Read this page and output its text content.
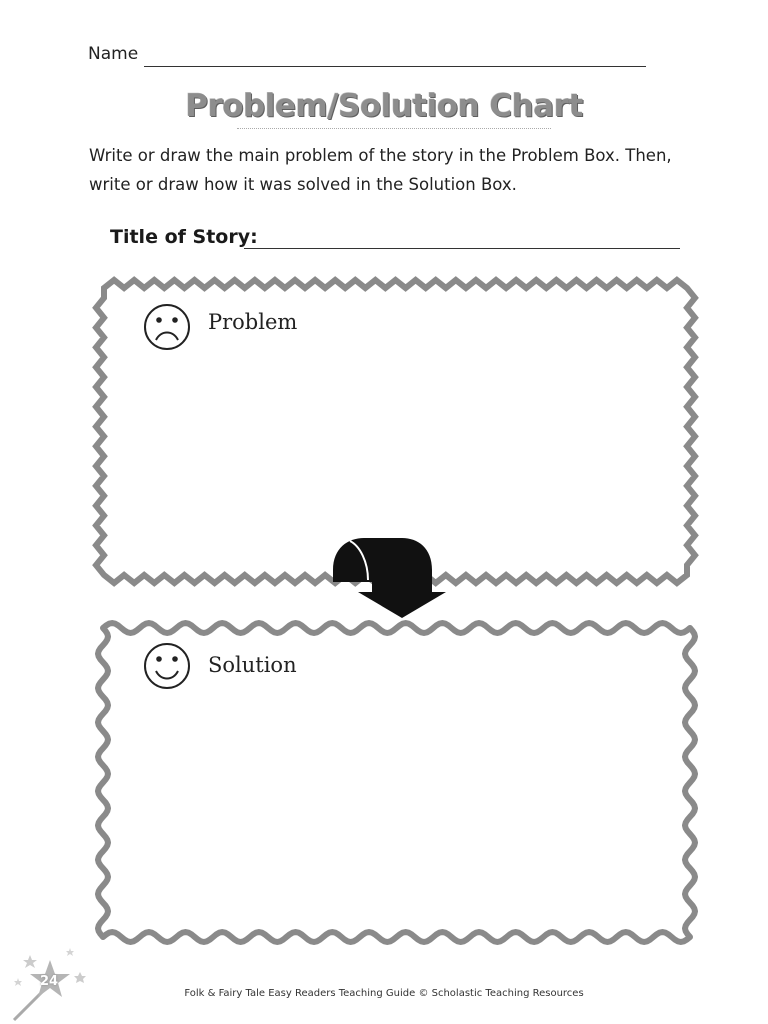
Name
Problem/Solution Chart
Write or draw the main problem of the story in the Problem Box. Then, write or draw how it was solved in the Solution Box.
Title of Story:
Problem
Solution
24
Folk & Fairy Tale Easy Readers Teaching Guide © Scholastic Teaching Resources
